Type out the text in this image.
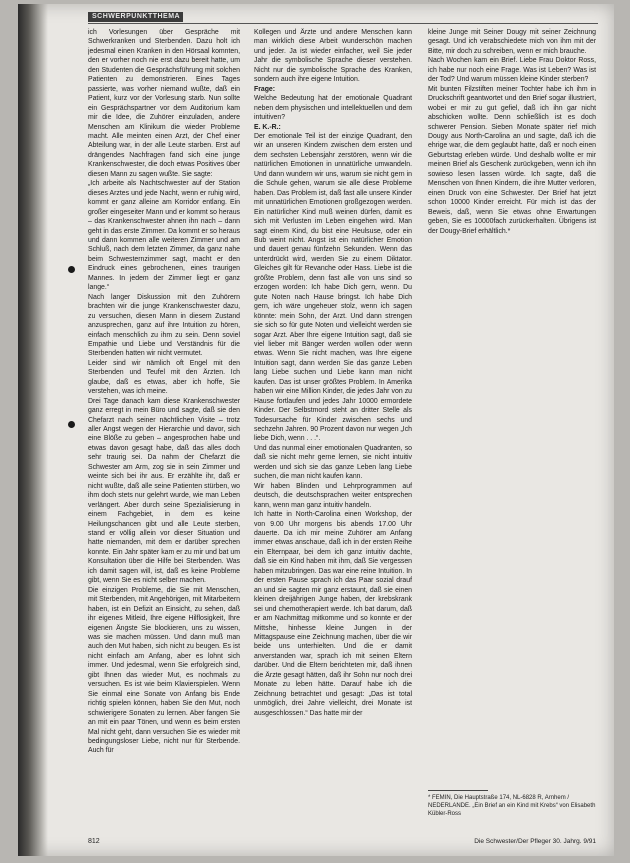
SCHWERPUNKTTHEMA

ich Vorlesungen über Gespräche mit Schwerkranken und Sterbenden. Dazu holt ich jedesmal einen Kranken in den Hörsaal komnten, den er vorher noch nie erst dazu bereit hatte, um den Studenten die Gesprächsführung mit solchen Patienten zu demonstrieren. Eines Tages passierte, was vorher niemand wußte, daß ein Patient, kurz vor der Vorlesung starb. Nun sollte ein Gesprächspartner vor dem Auditorium kam mir die Idee, die Zuhörer einzuladen, andere Menschen am Klinikum die wieder Probleme macht. Alle meinten einen Arzt, der Chef einer Abteilung war, in der alle Leute starben. Erst auf drängendes Nachfragen fand sich eine junge Krankenschwester, die doch etwas Positives über diesen Mann zu sagen wußte. Sie sagte:

„Ich arbeite als Nachtschwester auf der Station dieses Arztes und jede Nacht, wenn er ruhig wird, kommt er ganz alleine am Korridor entlang. Ein großer eingeseiter Mann und er kommt so heraus – das Krankenschwester ahnen ihn nach – dann geht in das erste Zimmer. Da kommt er so heraus und dann kommen alle weiteren Zimmer und am Schluß, nach dem letzten Zimmer, da ganz nahe beim Schwesternzimmer sagt, macht er den Eindruck eines gebrochenen, eines traurigen Mannes. In jedem der Zimmer liegt er ganz lange.“

Nach langer Diskussion mit den Zuhörern brachten wir die junge Krankenschwester dazu, zu versuchen, diesen Mann in diesem Zustand anzusprechen, ganz auf ihre Intuition zu hören, einfach menschlich zu ihm zu sein. Denn soviel Empathie und Liebe und Verständnis für die Sterbenden hatten wir nicht vermutet.

Leider sind wir nämlich oft Engel mit den Sterbenden und Teufel mit den Ärzten. Ich glaube, daß es etwas, aber ich hoffe, Sie verstehen, was ich meine.

Drei Tage danach kam diese Krankenschwester ganz erregt in mein Büro und sagte, daß sie den Chefarzt nach seiner nächtlichen Visite – trotz aller Angst wegen der Hierarchie und davor, sich eine Blöße zu geben – angesprochen habe und etwas davon gesagt habe, daß das alles doch sehr traurig sei. Da nahm der Chefarzt die Schwester am Arm, zog sie in sein Zimmer und weinte sich bei ihr aus. Er erzählte ihr, daß er nicht wußte, daß alle seine Patienten stürben, wo ihm doch stets nur gelehrt wurde, wie man Leben verlängert. Aber durch seine Spezialisierung in einem Fachgebiet, in dem es keine Heilungschancen gibt und alle Leute sterben, stand er völlig allein vor dieser Situation und hatte niemanden, mit dem er darüber sprechen konnte. Ein Jahr später kam er zu mir und bat um Konsultation über die Hilfe bei Sterbenden. Was ich damit sagen will, ist, daß es keine Probleme gibt, wenn Sie es nicht selber machen.

Die einzigen Probleme, die Sie mit Menschen, mit Sterbenden, mit Angehörigen, mit Mitarbeitern haben, ist ein Defizit an Einsicht, zu sehen, daß ihr eigenes Mitleid, Ihre eigene Hilflosigkeit, Ihre eigenen Ängste Sie blockieren, uns zu wissen, was sie machen müssen. Und dann muß man auch den Mut haben, sich nicht zu beugen. Es ist nicht einfach am Anfang, aber es lohnt sich immer. Und jedesmal, wenn Sie erfolgreich sind, gibt Ihnen das wieder Mut, es nochmals zu versuchen. Es ist wie beim Klavierspielen. Wenn Sie einmal eine Sonate von Anfang bis Ende richtig spielen können, haben Sie den Mut, noch schwierigere Sonaten zu lernen. Aber fangen Sie an mit ein paar Tönen, und wenn es beim ersten Mal nicht geht, dann versuchen Sie es wieder mit bedingungsloser Liebe, nicht nur für Sterbende. Auch für

Kollegen und Ärzte und andere Menschen kann man wirklich diese Arbeit wunderschön machen und jeder. Ja ist wieder einfacher, weil Sie jeder Jahr die symbolische Sprache dieser verstehen. Nicht nur die symbolische Sprache des Kranken, sondern auch ihre eigene Intuition.

Frage:

Welche Bedeutung hat der emotionale Quadrant neben dem physischen und intellektuellen und dem intuitiven?

E. K.-R.:

Der emotionale Teil ist der einzige Quadrant, den wir an unseren Kindern zwischen dem ersten und dem sechsten Lebensjahr zerstören, wenn wir die natürlichen Emotionen in unnatürliche umwandeln. Und dann wundern wir uns, warum sie nicht gern in die Schule gehen, warum sie alle diese Probleme haben. Das Problem ist, daß fast alle unsere Kinder mit unnatürlichen Emotionen großgezogen werden. Ein natürlicher Kind muß weinen dürfen, damit es sich mit Verlusten im Leben eingehen wird. Man sagt einem Kind, du bist eine Heulsuse, oder ein Bub weint nicht. Angst ist ein natürlicher Emotion und dauert genau fünfzehn Sekunden. Wenn das unterdrückt wird, werden Sie zu einem Diktator. Gleiches gilt für Revanche oder Hass. Liebe ist die größte Problem, denn fast alle von uns sind so erzogen worden: Ich habe Dich gern, wenn. Du gute Noten nach Hause bringst. Ich habe Dich gern, ich wäre ungeheuer stolz, wenn ich sagen könnte: mein Sohn, der Arzt. Und dann strengen sie sich so für gute Noten und vielleicht werden sie sogar Arzt. Aber Ihre eigene Intuition sagt, daß sie viel lieber mit Bänger werden wollen oder wenn etwas. Wenn Sie nicht machen, was Ihre eigene Intuition sagt, dann werden Sie das ganze Leben lang Liebe suchen und Liebe kann man nicht kaufen. Das ist unser größtes Problem. In Amerika haben wir eine Million Kinder, die jedes Jahr von zu Hause fortlaufen und jedes Jahr 10000 ermordete Kinder. Der Selbstmord steht an dritter Stelle als Todesursache für Kinder zwischen sechs und sechzehn Jahren. 90 Prozent davon nur wegen „Ich liebe Dich, wenn . . .“.

Und das nunmal einer emotionalen Quadranten, so daß sie nicht mehr gerne lernen, sie nicht intuitiv werden und sich sie das ganze Leben lang Liebe suchen, die man nicht kaufen kann.

Wir haben Blinden und Lehrprogrammen auf deutsch, die deutschsprachen weiter entsprechen kann, wenn man ganz intuitiv handeln.

Ich hatte in North-Carolina einen Workshop, der von 9.00 Uhr morgens bis abends 17.00 Uhr dauerte. Da ich mir meine Zuhörer am Anfang immer etwas anschaue, daß ich in der ersten Reihe ein Elternpaar, bei dem ich ganz intuitiv dachte, daß sie ein Kind haben mit ihm, daß Sie vergessen haben mitzubringen. Das war eine reine Intuition. In der ersten Pause sprach ich das Paar sozial drauf an und sie sagten mir ganz erstaunt, daß sie einen kleinen dreijährigen Junge haben, der krebskrank sei und chemotherapiert werde. Ich bat darum, daß er am Nachmittag mitkomme und so konnte er der Mittshe, hinhesse kleine Jungen in der Mittagspause eine Zeichnung machen, über die wir beide uns unterhielten. Und die er damit anverstanden war, sprach ich mit seinen Eltern darüber. Und die Eltern berichteten mir, daß ihnen die Ärzte gesagt hätten, daß ihr Sohn nur noch drei Monate zu leben hätte. Darauf habe ich die Zeichnung betrachtet und gesagt: „Das ist total unmöglich, drei Jahre vielleicht, drei Monate ist ausgeschlossen.“ Das hatte mir der

kleine Junge mit Seiner Dougy mit seiner Zeichnung gesagt. Und ich verabschiedete mich von ihm mit der Bitte, mir doch zu schreiben, wenn er mich brauche.

Nach Wochen kam ein Brief. Liebe Frau Doktor Ross, ich habe nur noch eine Frage. Was ist Leben? Was ist der Tod? Und warum müssen kleine Kinder sterben?

Mit bunten Filzstiften meiner Tochter habe ich ihm in Druckschrift geantwortet und den Brief sogar illustriert, wobei er mir zu gut gefiel, daß ich ihn gar nicht abschicken wollte. Denn schließlich ist es doch schwerer Pension. Sieben Monate später rief mich Dougy aus North-Carolina an und sagte, daß ich die ehrige war, die dem geglaubt hatte, daß er noch einen Geburtstag erleben würde. Und deshalb wollte er mir meinen Brief als Geschenk zurückgeben, wenn ich ihn sowieso lesen lassen würde. Ich sagte, daß die Menschen von Ihnen Kindern, die ihre Mutter verloren, einen Druck von eine Schwester. Der Brief hat jetzt schon 10000 Kinder erreicht. Für mich ist das der Beweis, daß, wenn Sie etwas ohne Erwartungen geben, Sie es 10000fach zurückerhalten. Übrigens ist der Dougy-Brief erhältlich.*

* FEMIN, Die Hauptstraße 174, NL-6828 R, Arnhem / NEDERLANDE. „Ein Brief an ein Kind mit Krebs“ von Elisabeth Kübler-Ross

812	Die Schwester/Der Pfleger 30. Jahrg. 9/91
